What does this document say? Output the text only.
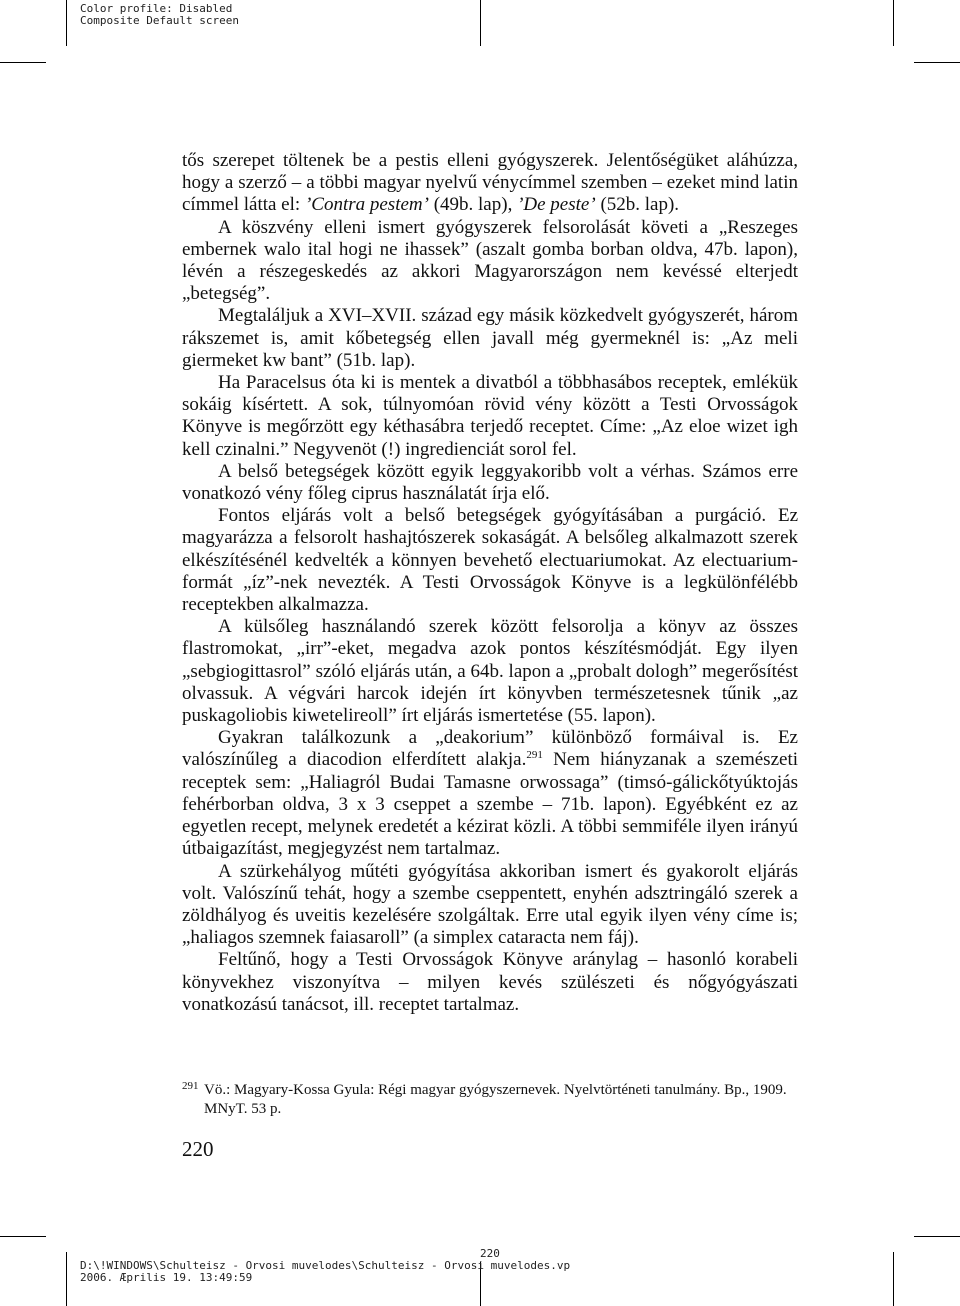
Color profile: Disabled
Composite Default screen

tős szerepet töltenek be a pestis elleni gyógyszerek. Jelentőségüket aláhúzza, hogy a szerző – a többi magyar nyelvű vénycímmel szemben – ezeket mind latin címmel látta el: ’Contra pestem’ (49b. lap), ’De peste’ (52b. lap).

A köszvény elleni ismert gyógyszerek felsorolását követi a „Reszeges embernek walo ital hogi ne ihassek” (aszalt gomba borban oldva, 47b. lapon), lévén a részegeskedés az akkori Magyarországon nem kevéssé elterjedt „betegség”.

Megtaláljuk a XVI–XVII. század egy másik közkedvelt gyógyszerét, három rákszemet is, amit kőbetegség ellen javall még gyermeknél is: „Az meli giermeket kw bant” (51b. lap).

Ha Paracelsus óta ki is mentek a divatból a többhasábos receptek, emlékük sokáig kísértett. A sok, túlnyomóan rövid vény között a Testi Orvosságok Könyve is megőrzött egy kéthasábra terjedő receptet. Címe: „Az eloe wizet igh kell czinalni.” Negyvenöt (!) ingredienciát sorol fel.

A belső betegségek között egyik leggyakoribb volt a vérhas. Számos erre vonatkozó vény főleg ciprus használatát írja elő.

Fontos eljárás volt a belső betegségek gyógyításában a purgáció. Ez magyarázza a felsorolt hashajtószerek sokaságát. A belsőleg alkalmazott szerek elkészítésénél kedvelték a könnyen bevehető electuariumokat. Az electuarium-formát „íz”-nek nevezték. A Testi Orvosságok Könyve is a legkülönfélébb receptekben alkalmazza.

A külsőleg használandó szerek között felsorolja a könyv az összes flastromokat, „irr”-eket, megadva azok pontos készítésmódját. Egy ilyen „sebgiogittasrol” szóló eljárás után, a 64b. lapon a „probalt dologh” megerősítést olvassuk. A végvári harcok idején írt könyvben természetesnek tűnik „az puskagoliobis kiwetelireoll” írt eljárás ismertetése (55. lapon).

Gyakran találkozunk a „deakorium” különböző formáival is. Ez valószínűleg a diacodion elferdített alakja.$^{291}$ Nem hiányzanak a szemészeti receptek sem: „Haliagról Budai Tamasne orwossaga” (timsó-gálickőtyúktojás fehérborban oldva, 3 x 3 cseppet a szembe – 71b. lapon). Egyébként ez az egyetlen recept, melynek eredetét a kézirat közli. A többi semmiféle ilyen irányú útbaigazítást, megjegyzést nem tartalmaz.

A szürkehályog műtéti gyógyítása akkoriban ismert és gyakorolt eljárás volt. Valószínű tehát, hogy a szembe cseppentett, enyhén adsztringáló szerek a zöldhályog és uveitis kezelésére szolgáltak. Erre utal egyik ilyen vény címe is; „haliagos szemnek faiasaroll” (a simplex cataracta nem fáj).

Feltűnő, hogy a Testi Orvosságok Könyve aránylag – hasonló korabeli könyvekhez viszonyítva – milyen kevés szülészeti és nőgyógyászati vonatkozású tanácsot, ill. receptet tartalmaz.

291 Vö.: Magyary-Kossa Gyula: Régi magyar gyógyszernevek. Nyelvtörténeti tanulmány. Bp., 1909. MNyT. 53 p.
220
220
D:\!WINDOWS\Schulteisz - Orvosi muvelodes\Schulteisz - Orvosi muvelodes.vp
2006. Æprilis 19. 13:49:59
